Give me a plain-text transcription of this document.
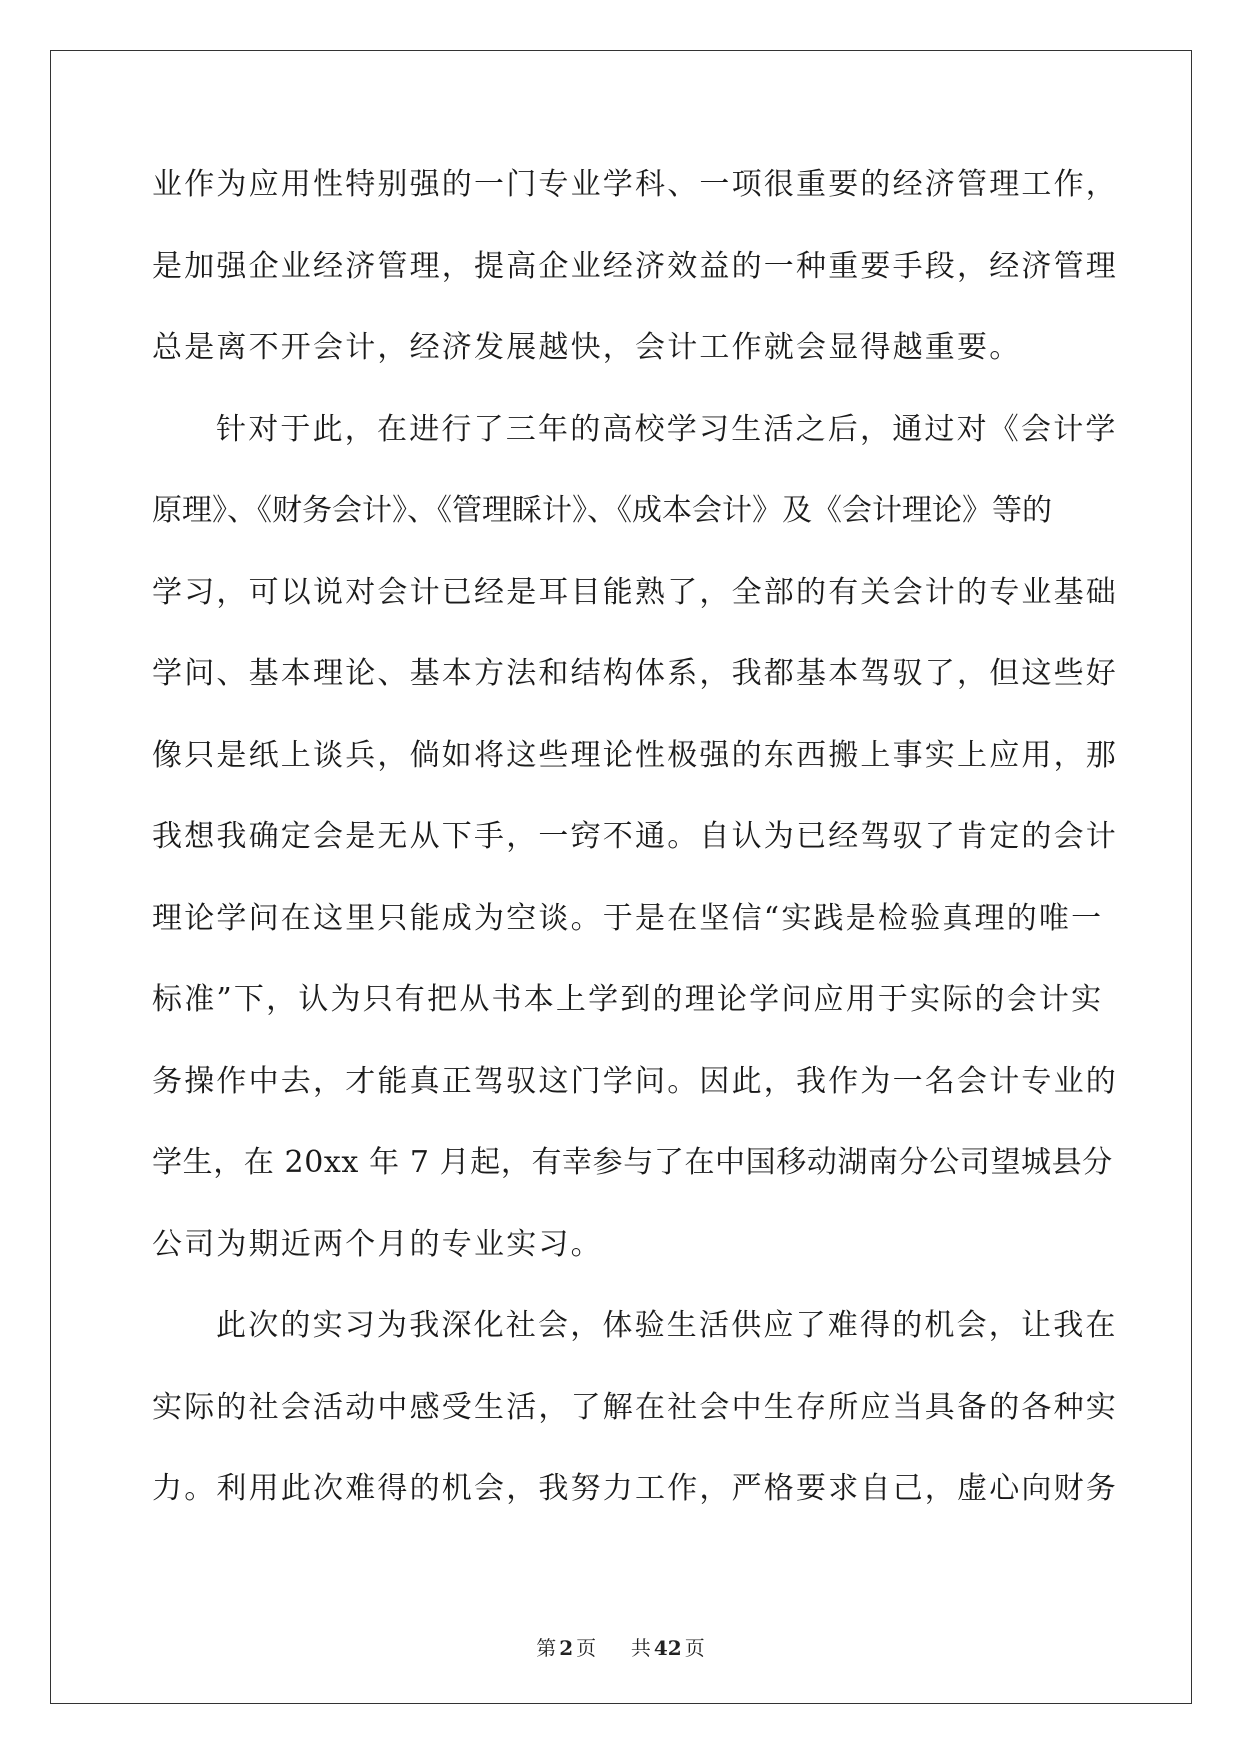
业作为应用性特别强的一门专业学科、一项很重要的经济管理工作，
是加强企业经济管理，提高企业经济效益的一种重要手段，经济管理
总是离不开会计，经济发展越快，会计工作就会显得越重要。
针对于此，在进行了三年的高校学习生活之后，通过对《会计学
原理》、《财务会计》、《管理睬计》、《成本会计》及《会计理论》等的
学习，可以说对会计已经是耳目能熟了，全部的有关会计的专业基础
学问、基本理论、基本方法和结构体系，我都基本驾驭了，但这些好
像只是纸上谈兵，倘如将这些理论性极强的东西搬上事实上应用，那
我想我确定会是无从下手，一窍不通。自认为已经驾驭了肯定的会计
理论学问在这里只能成为空谈。于是在坚信“实践是检验真理的唯一
标准”下，认为只有把从书本上学到的理论学问应用于实际的会计实
务操作中去，才能真正驾驭这门学问。因此，我作为一名会计专业的
学生，在 20xx 年 7 月起，有幸参与了在中国移动湖南分公司望城县分
公司为期近两个月的专业实习。
此次的实习为我深化社会，体验生活供应了难得的机会，让我在
实际的社会活动中感受生活，了解在社会中生存所应当具备的各种实
力。利用此次难得的机会，我努力工作，严格要求自己，虚心向财务
第 2 页 共 42 页
